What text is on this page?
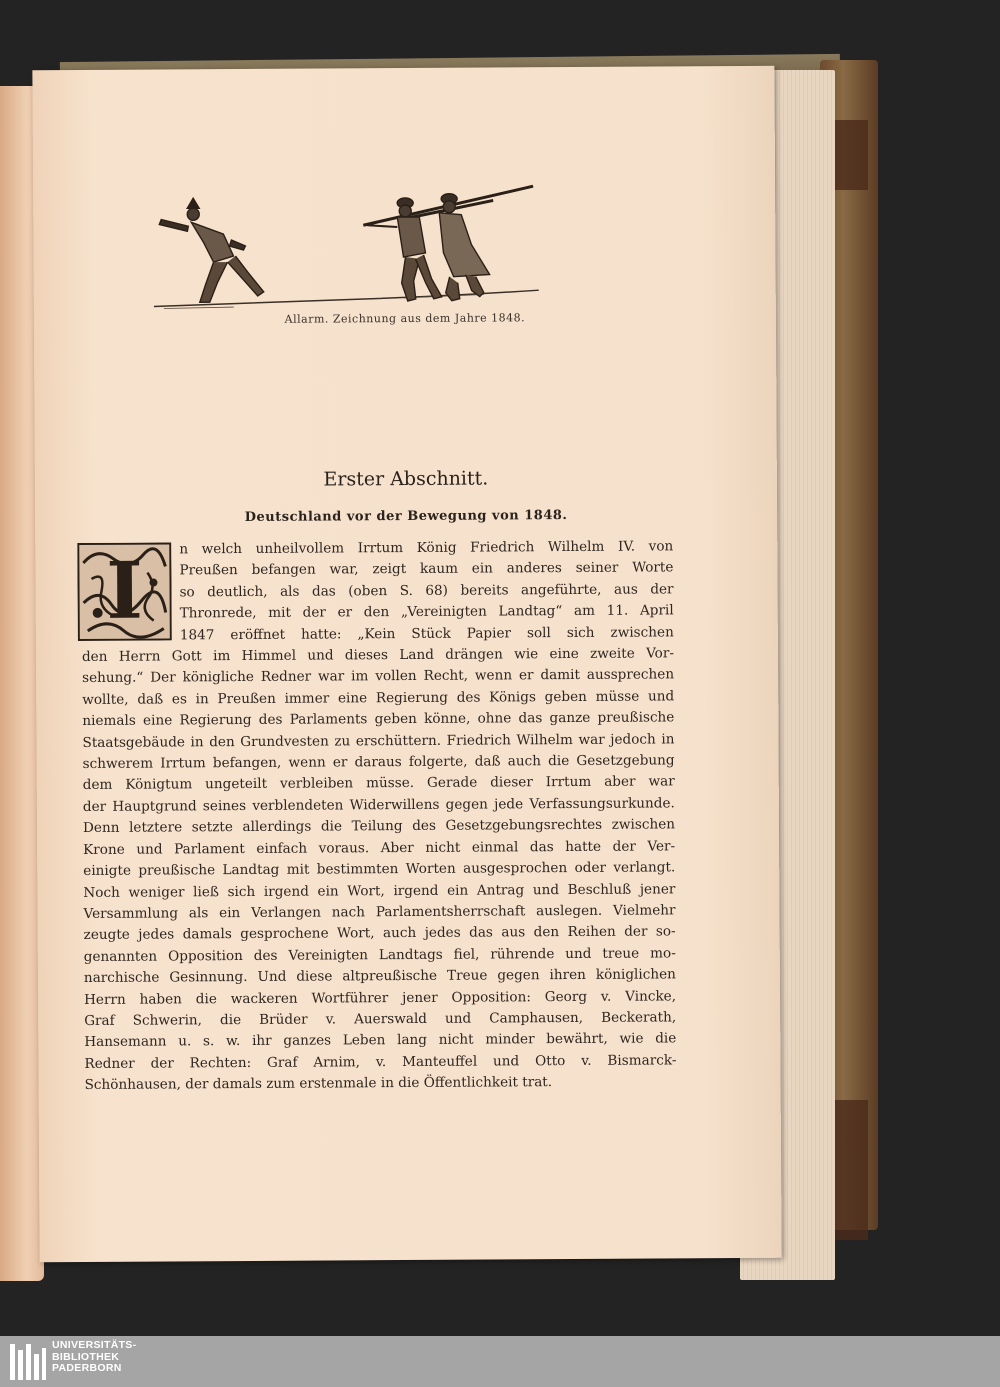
Allarm. Zeichnung aus dem Jahre 1848.
Erster Abschnitt.
Deutschland vor der Bewegung von 1848.
I	n welch unheilvollem Irrtum König Friedrich Wilhelm IV. von
Preußen befangen war, zeigt kaum ein anderes seiner Worte
so deutlich, als das (oben S. 68) bereits angeführte, aus der
Thronrede, mit der er den „Vereinigten Landtag“ am 11. April
1847 eröffnet hatte: „Kein Stück Papier soll sich zwischen
den Herrn Gott im Himmel und dieses Land drängen wie eine zweite Vor-
sehung.“ Der königliche Redner war im vollen Recht, wenn er damit aussprechen
wollte, daß es in Preußen immer eine Regierung des Königs geben müsse und
niemals eine Regierung des Parlaments geben könne, ohne das ganze preußische
Staatsgebäude in den Grundvesten zu erschüttern. Friedrich Wilhelm war jedoch in
schwerem Irrtum befangen, wenn er daraus folgerte, daß auch die Gesetzgebung
dem Königtum ungeteilt verbleiben müsse. Gerade dieser Irrtum aber war
der Hauptgrund seines verblendeten Widerwillens gegen jede Verfassungsurkunde.
Denn letztere setzte allerdings die Teilung des Gesetzgebungsrechtes zwischen
Krone und Parlament einfach voraus. Aber nicht einmal das hatte der Ver-
einigte preußische Landtag mit bestimmten Worten ausgesprochen oder verlangt.
Noch weniger ließ sich irgend ein Wort, irgend ein Antrag und Beschluß jener
Versammlung als ein Verlangen nach Parlamentsherrschaft auslegen. Vielmehr
zeugte jedes damals gesprochene Wort, auch jedes das aus den Reihen der so-
genannten Opposition des Vereinigten Landtags fiel, rührende und treue mo-
narchische Gesinnung. Und diese altpreußische Treue gegen ihren königlichen
Herrn haben die wackeren Wortführer jener Opposition: Georg v. Vincke,
Graf Schwerin, die Brüder v. Auerswald und Camphausen, Beckerath,
Hansemann u. s. w. ihr ganzes Leben lang nicht minder bewährt, wie die
Redner der Rechten: Graf Arnim, v. Manteuffel und Otto v. Bismarck-
Schönhausen, der damals zum erstenmale in die Öffentlichkeit trat.
UNIVERSITÄTS-
BIBLIOTHEK
PADERBORN
